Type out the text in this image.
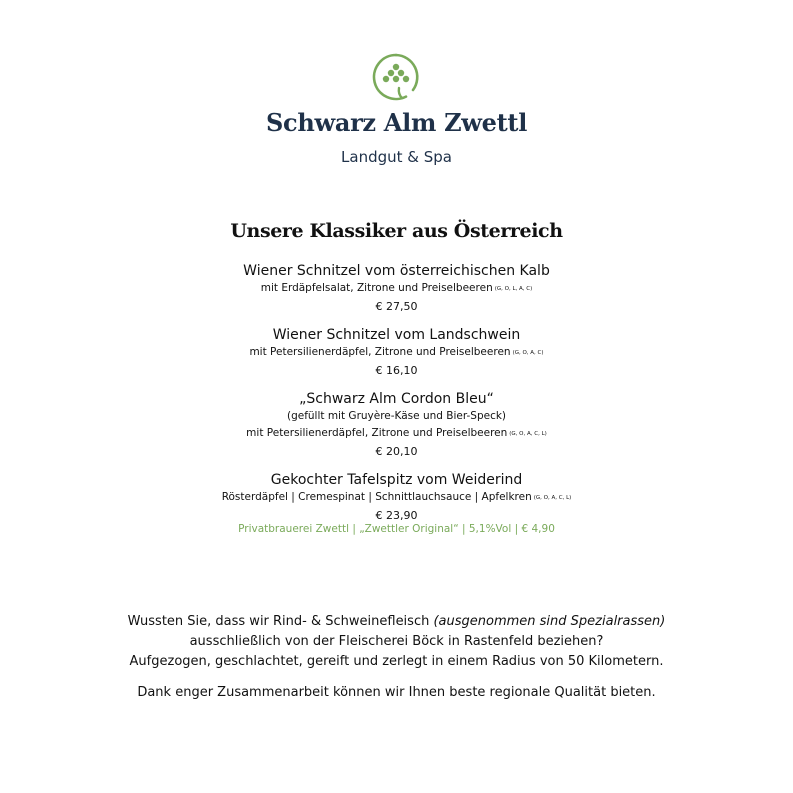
Schwarz Alm Zwettl
Landgut & Spa
Unsere Klassiker aus Österreich
Wiener Schnitzel vom österreichischen Kalb
mit Erdäpfelsalat, Zitrone und Preiselbeeren (G, O, L, A, C)
€ 27,50
Wiener Schnitzel vom Landschwein
mit Petersilienerdäpfel, Zitrone und Preiselbeeren (G, O, A, C)
€ 16,10
„Schwarz Alm Cordon Bleu“
(gefüllt mit Gruyère-Käse und Bier-Speck)
mit Petersilienerdäpfel, Zitrone und Preiselbeeren (G, O, A, C, L)
€ 20,10
Gekochter Tafelspitz vom Weiderind
Rösterdäpfel | Cremespinat | Schnittlauchsauce | Apfelkren (G, O, A, C, L)
€ 23,90
Privatbrauerei Zwettl | „Zwettler Original“ | 5,1%Vol | € 4,90
Wussten Sie, dass wir Rind- & Schweinefleisch (ausgenommen sind Spezialrassen)
ausschließlich von der Fleischerei Böck in Rastenfeld beziehen?
Aufgezogen, geschlachtet, gereift und zerlegt in einem Radius von 50 Kilometern.
Dank enger Zusammenarbeit können wir Ihnen beste regionale Qualität bieten.
